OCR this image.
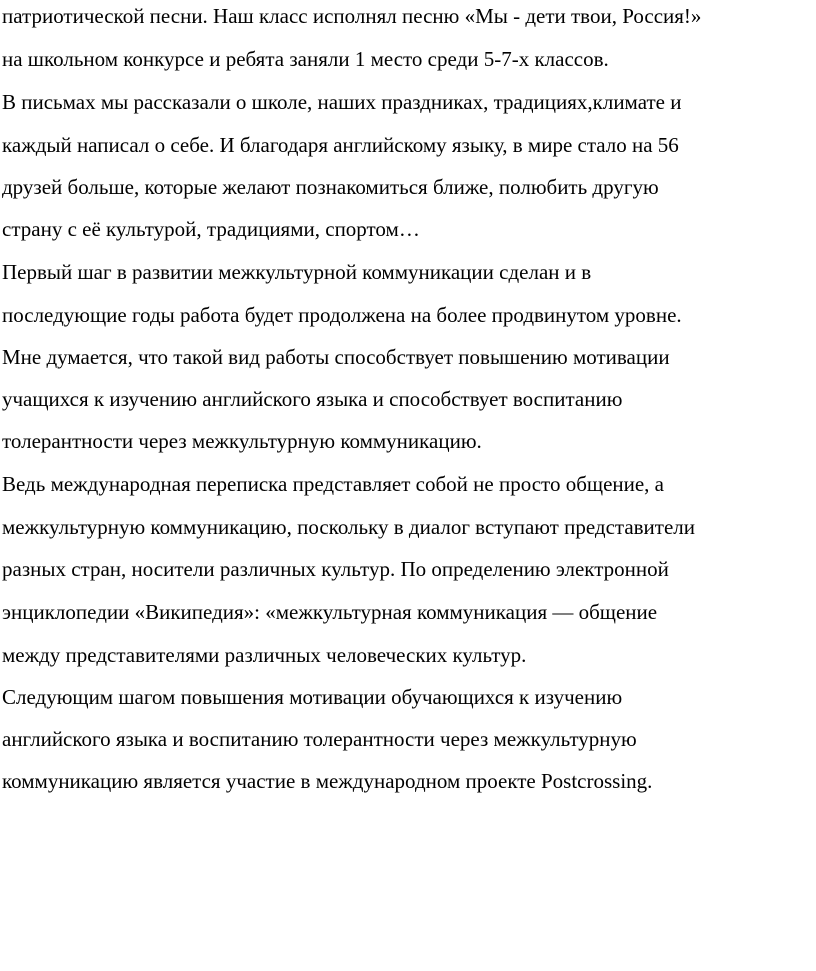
патриотической песни. Наш класс исполнял песню «Мы - дети твои, Россия!»
на школьном конкурсе и ребята заняли 1 место среди 5-7-х классов.
В письмах мы рассказали о школе, наших праздниках, традициях,климате и
каждый написал о себе. И благодаря английскому языку, в мире стало на 56
друзей больше, которые желают познакомиться ближе, полюбить другую
страну с её культурой, традициями, спортом…
Первый шаг в развитии межкультурной коммуникации сделан и в
последующие годы работа будет продолжена на более продвинутом уровне.
Мне думается, что такой вид работы способствует повышению мотивации
учащихся к изучению английского языка и способствует воспитанию
толерантности через межкультурную коммуникацию.
Ведь международная переписка представляет собой не просто общение, а
межкультурную коммуникацию, поскольку в диалог вступают представители
разных стран, носители различных культур. По определению электронной
энциклопедии «Википедия»: «межкультурная коммуникация — общение
между представителями различных человеческих культур.
Следующим шагом повышения мотивации обучающихся к изучению
английского языка и воспитанию толерантности через межкультурную
коммуникацию является участие в международном проекте Postcrossing.
